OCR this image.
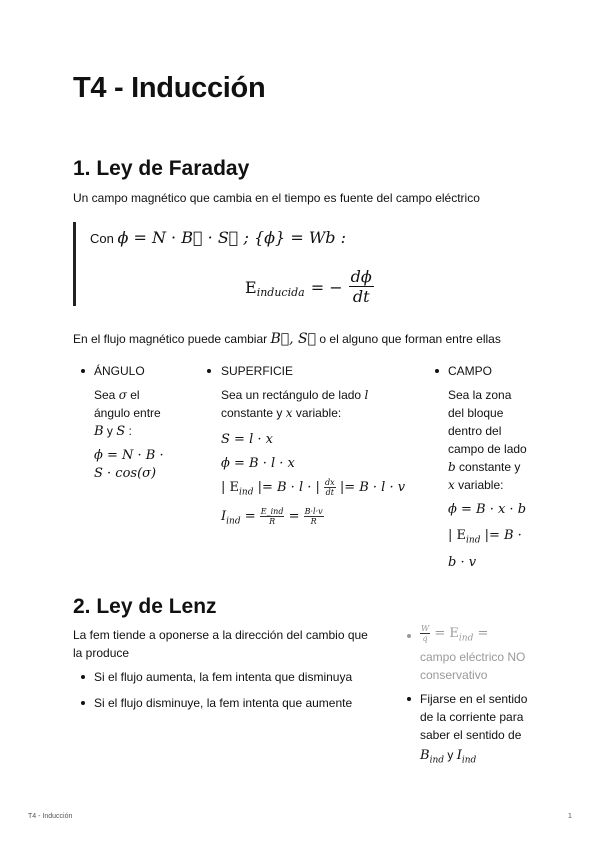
T4 - Inducción
1. Ley de Faraday
Un campo magnético que cambia en el tiempo es fuente del campo eléctrico
Con ϕ = N · B⃗ · S⃗ ; {ϕ} = Wb :
E inducida = − $\frac{d\phi}{dt}$
En el flujo magnético puede cambiar B⃗, S⃗ o el alguno que forman entre ellas
ÁNGULO
Sea σ el
ángulo entre
B y S :
ϕ = N · B ·
S · cos(σ)
SUPERFICIE
Sea un rectángulo de lado l
constante y x variable:
S = l · x
ϕ = B · l · x
| $E_{ind}$ |= B · l · | $\frac{dx}{dt}$ |= B · l · v
$I_{ind} = \frac{\text{E\_ind}}{R} = \frac{B\cdot l\cdot v}{R}$
CAMPO
Sea la zona
del bloque
dentro del
campo de lado
b constante y
x variable:
ϕ = B · x · b
| $E_{ind}$ |= B ·
b · v
2. Ley de Lenz
La fem tiende a oponerse a la dirección del cambio que
la produce
Si el flujo aumenta, la fem intenta que disminuya
Si el flujo disminuye, la fem intenta que aumente
$\frac{W}{q} = E_{ind}$ =
campo eléctrico NO
conservativo
Fijarse en el sentido
de la corriente para
saber el sentido de
$B_{ind}$ y $I_{ind}$
T4 - Inducción	1
